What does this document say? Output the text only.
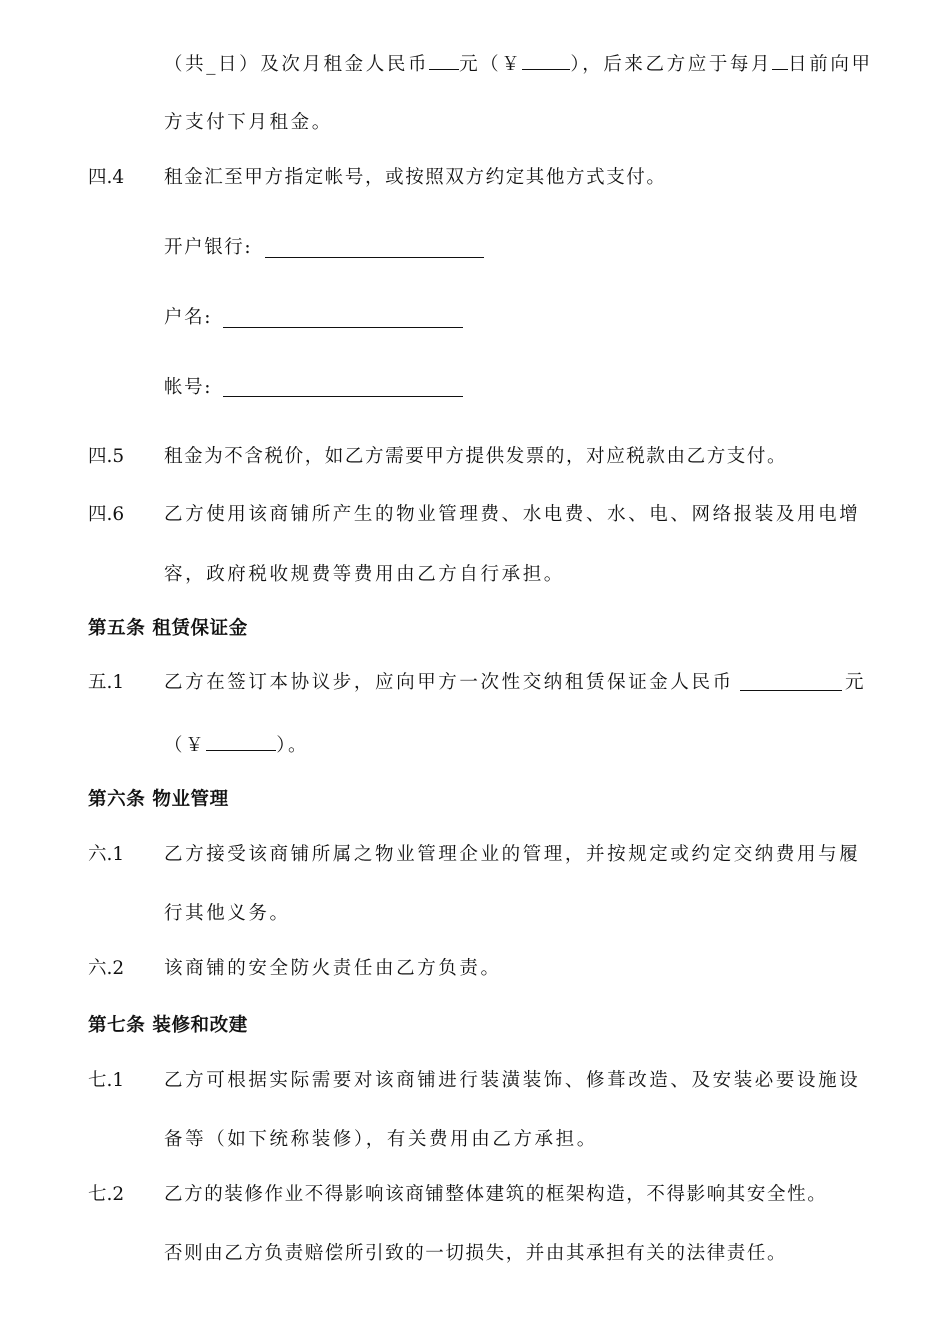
（共_日）及次月租金人民币 元（￥	），后来乙方应于每月 日前向甲
方支付下月租金。
四.4 租金汇至甲方指定帐号，或按照双方约定其他方式支付。
开户银行:
户名:
帐号:
四.5 租金为不含税价，如乙方需要甲方提供发票的，对应税款由乙方支付。
四.6 乙方使用该商铺所产生的物业管理费、水电费、水、电、网络报装及用电增
容，政府税收规费等费用由乙方自行承担。
第五条 租赁保证金
五.1 乙方在签订本协议步，应向甲方一次性交纳租赁保证金人民币	元
（￥	）。
第六条 物业管理
六.1 乙方接受该商铺所属之物业管理企业的管理，并按规定或约定交纳费用与履
行其他义务。
六.2 该商铺的安全防火责任由乙方负责。
第七条 装修和改建
七.1 乙方可根据实际需要对该商铺进行装潢装饰、修葺改造、及安装必要设施设
备等（如下统称装修），有关费用由乙方承担。
七.2 乙方的装修作业不得影响该商铺整体建筑的框架构造，不得影响其安全性。
否则由乙方负责赔偿所引致的一切损失，并由其承担有关的法律责任。
